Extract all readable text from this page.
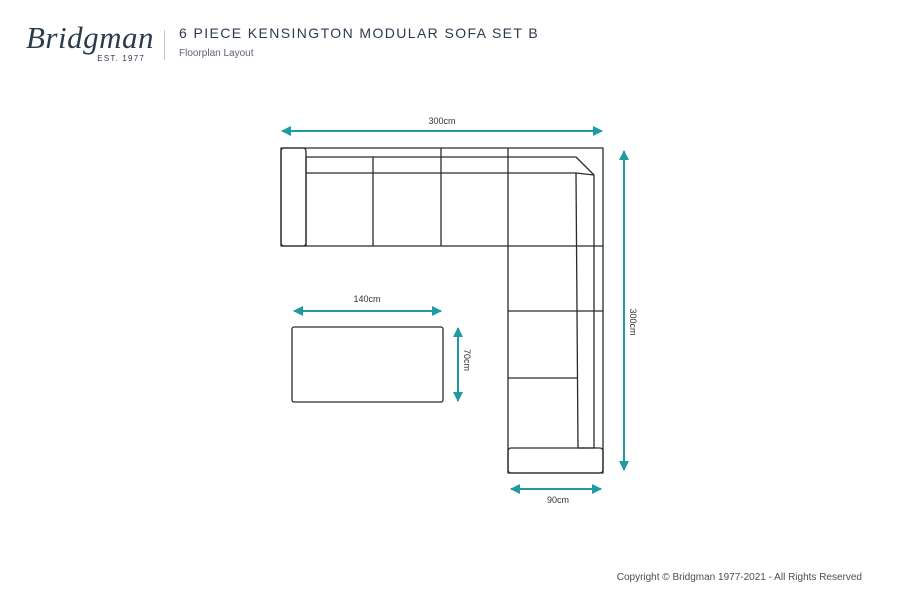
Bridgman
EST. 1977
6 PIECE KENSINGTON MODULAR SOFA SET B
Floorplan Layout
300cm
300cm
140cm
70cm
90cm
Copyright © Bridgman 1977-2021 - All Rights Reserved
